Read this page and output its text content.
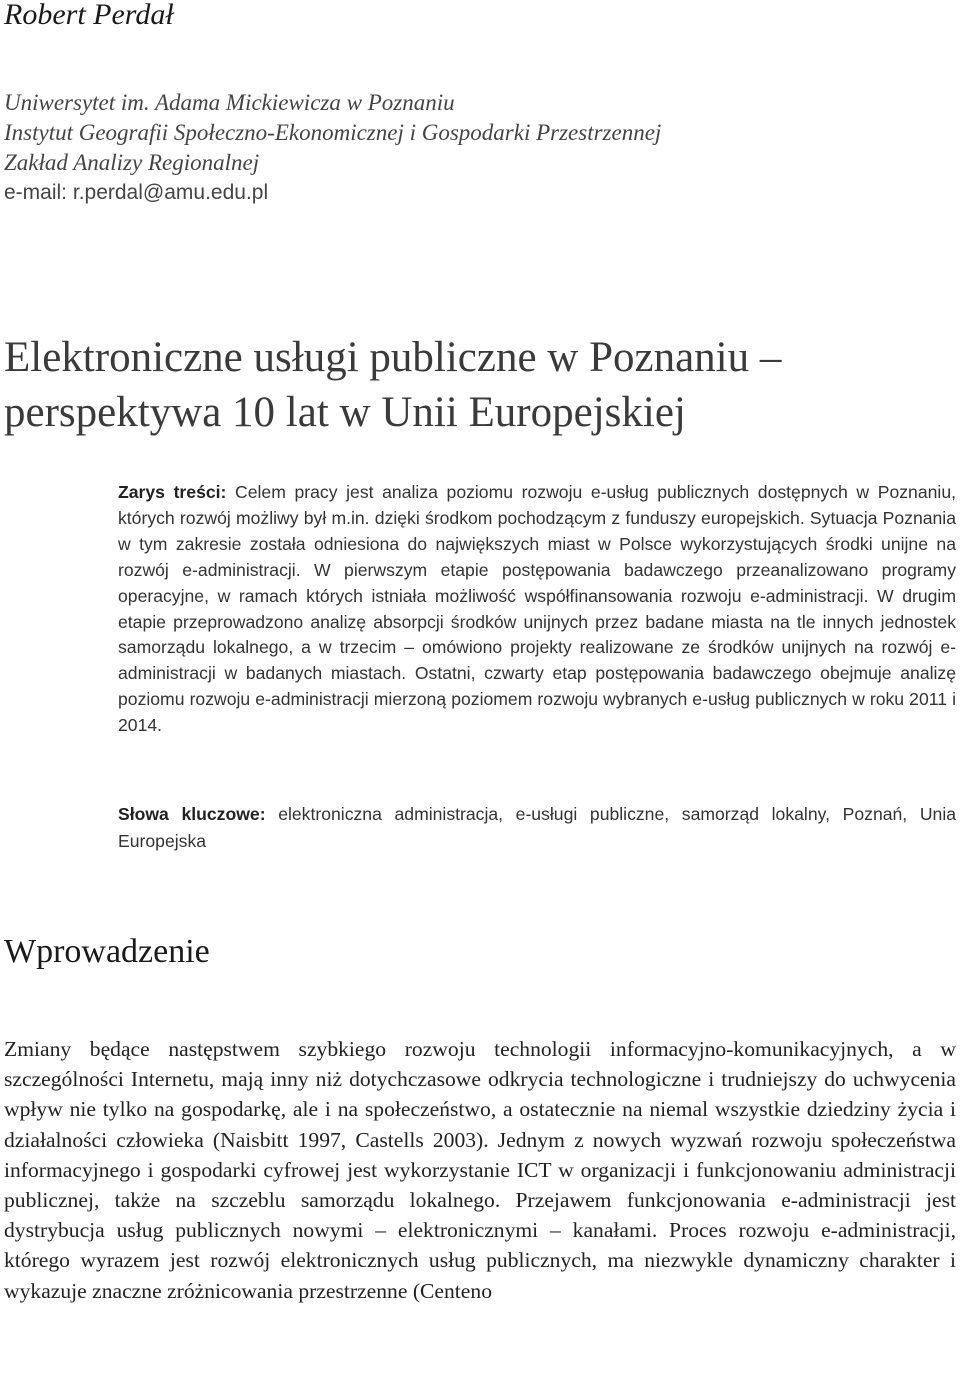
Robert Perdał
Uniwersytet im. Adama Mickiewicza w Poznaniu
Instytut Geografii Społeczno-Ekonomicznej i Gospodarki Przestrzennej
Zakład Analizy Regionalnej
e-mail: r.perdal@amu.edu.pl
Elektroniczne usługi publiczne w Poznaniu –
perspektywa 10 lat w Unii Europejskiej

Zarys treści: Celem pracy jest analiza poziomu rozwoju e-usług publicznych dostępnych w Poznaniu, których rozwój możliwy był m.in. dzięki środkom pochodzącym z funduszy europejskich. Sytuacja Poznania w tym zakresie została odniesiona do największych miast w Polsce wykorzystujących środki unijne na rozwój e-administracji. W pierwszym etapie postępowania badawczego przeanalizowano programy operacyjne, w ramach których istniała możliwość współfinansowania rozwoju e-administracji. W drugim etapie przeprowadzono analizę absorpcji środków unijnych przez badane miasta na tle innych jednostek samorządu lokalnego, a w trzecim – omówiono projekty realizowane ze środków unijnych na rozwój e-administracji w badanych miastach. Ostatni, czwarty etap postępowania badawczego obejmuje analizę poziomu rozwoju e-administracji mierzoną poziomem rozwoju wybranych e-usług publicznych w roku 2011 i 2014.

Słowa kluczowe: elektroniczna administracja, e-usługi publiczne, samorząd lokalny, Poznań, Unia Europejska

Wprowadzenie

Zmiany będące następstwem szybkiego rozwoju technologii informacyjno-komunikacyjnych, a w szczególności Internetu, mają inny niż dotychczasowe odkrycia technologiczne i trudniejszy do uchwycenia wpływ nie tylko na gospodarkę, ale i na społeczeństwo, a ostatecznie na niemal wszystkie dziedziny życia i działalności człowieka (Naisbitt 1997, Castells 2003). Jednym z nowych wyzwań rozwoju społeczeństwa informacyjnego i gospodarki cyfrowej jest wykorzystanie ICT w organizacji i funkcjonowaniu administracji publicznej, także na szczeblu samorządu lokalnego. Przejawem funkcjonowania e-administracji jest dystrybucja usług publicznych nowymi – elektronicznymi – kanałami. Proces rozwoju e-administracji, którego wyrazem jest rozwój elektronicznych usług publicznych, ma niezwykle dynamiczny charakter i wykazuje znaczne zróżnicowania przestrzenne (Centeno
